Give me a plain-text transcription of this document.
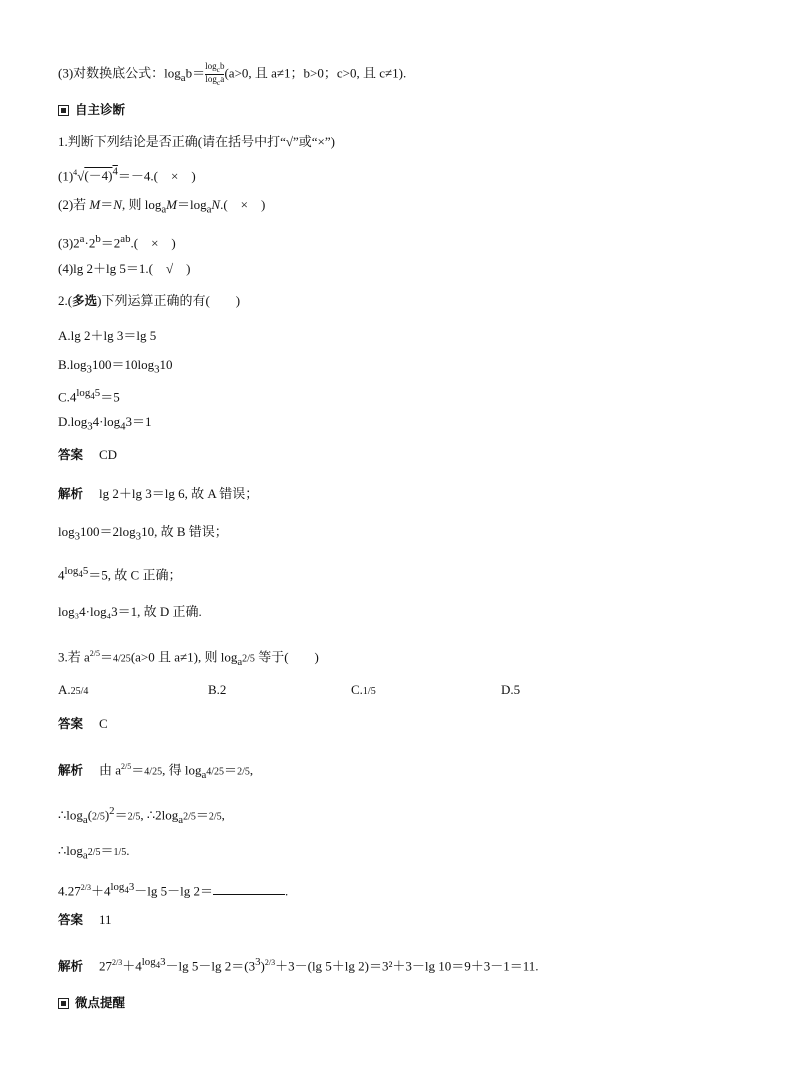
(3)对数换底公式：$\log_ab= \frac{\log_cb}{\log_ca} (a>0$, 且 a≠1；b>0；c>0, 且 c≠1).
自主诊断
1.判断下列结论是否正确(请在括号中打“√”或“×”)
$(1)^4√(-4)^4=-4$.(　×　)
(2)若 M＝N, 则 $\log_aM=\log_aN$.(　×　)
$(3)2^a\cdot 2^b=2^{ab}$.(　×　)
(4)lg 2＋lg 5＝1.(　√　)
2.(多选)下列运算正确的有(　　)
A.lg 2＋lg 3＝lg 5
$B.\log_3100=10\log_310$
$C.4^{log_45}=5$
$D.\log_34\cdot\log_43=1$
答案 CD
解析 lg 2＋lg 3＝lg 6, 故 A 错误；
$\log_3100=2\log_310$, 故 B 错误；
$4^{log_45}=5$, 故 C 正确；
log₃4·log₄3＝1, 故 D 正确.
3.若 $a^{2/5}=4/25(a>0$ 且 a≠1), 则 $\log_a2/5$ 等于(　　)
A.25/4	B.2	C.1/5	D.5
答案 C
解析 由 $a^{2/5}=4/25$, 得 $\log_a4/25=2/5$,
$\therefore\log_a(2/5)^2=2/5$, $\therefore 2\log_a2/5=2/5$,
$\therefore\log_a2/5=1/5$.
$4.27^{2/3}+4^{log_43}-\lg$ 5－lg 2＝	.
答案 11
解析 $27^{2/3}+4^{log_43}-\lg$ 5－lg $2=(3^3)^{2/3}+3-(\lg$ 5＋lg 2)＝3²＋3－lg 10＝9＋3－1＝11.
微点提醒
